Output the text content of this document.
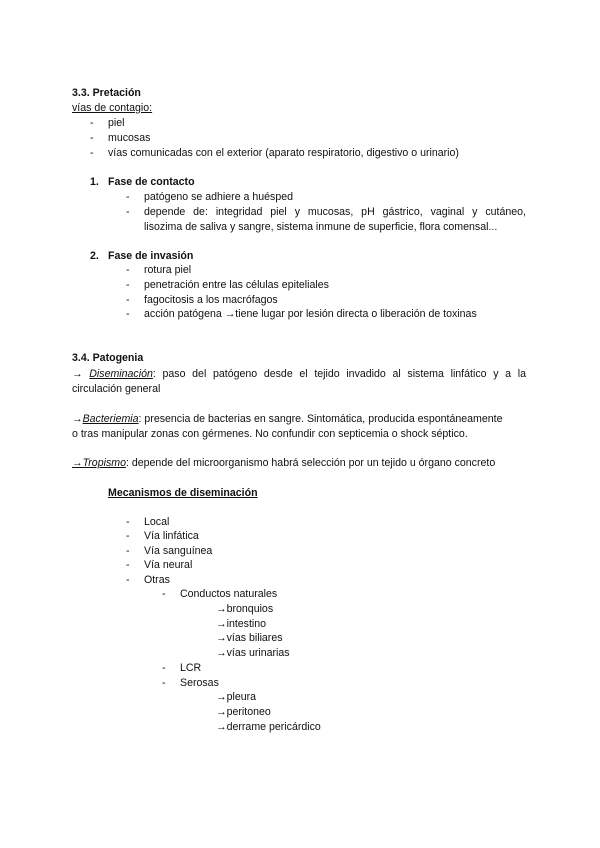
3.3. Pretación
vías de contagio:
- piel
- mucosas
- vías comunicadas con el exterior (aparato respiratorio, digestivo o urinario)
1. Fase de contacto
- patógeno se adhiere a huésped
- depende de: integridad piel y mucosas, pH gástrico, vaginal y cutáneo,
lisozima de saliva y sangre, sistema inmune de superficie, flora comensal...
2. Fase de invasión
- rotura piel
- penetración entre las células epiteliales
- fagocitosis a los macrófagos
- acción patógena →tiene lugar por lesión directa o liberación de toxinas
3.4. Patogenia
→ Diseminación: paso del patógeno desde el tejido invadido al sistema linfático y a la
circulación general
→Bacteriemia: presencia de bacterias en sangre. Sintomática, producida espontáneamente
o tras manipular zonas con gérmenes. No confundir con septicemia o shock séptico.
→Tropismo: depende del microorganismo habrá selección por un tejido u órgano concreto
Mecanismos de diseminación
- Local
- Vía linfática
- Vía sanguínea
- Vía neural
- Otras
- Conductos naturales
→bronquios
→intestino
→vías biliares
→vías urinarias
- LCR
- Serosas
→pleura
→peritoneo
→derrame pericárdico
